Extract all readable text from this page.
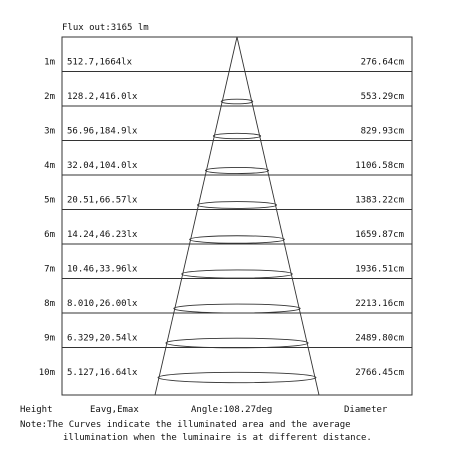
Flux out:3165 lm
1m 512.7,1664lx	276.64cm
2m 128.2,416.0lx	553.29cm
3m 56.96,184.9lx	829.93cm
4m 32.04,104.0lx	1106.58cm
5m 20.51,66.57lx	1383.22cm
6m 14.24,46.23lx	1659.87cm
7m 10.46,33.96lx	1936.51cm
8m 8.010,26.00lx	2213.16cm
9m 6.329,20.54lx	2489.80cm
10m 5.127,16.64lx	2766.45cm
Height	Eavg,Emax	Angle:108.27deg	Diameter
Note:The Curves indicate the illuminated area and the average
illumination when the luminaire is at different distance.
